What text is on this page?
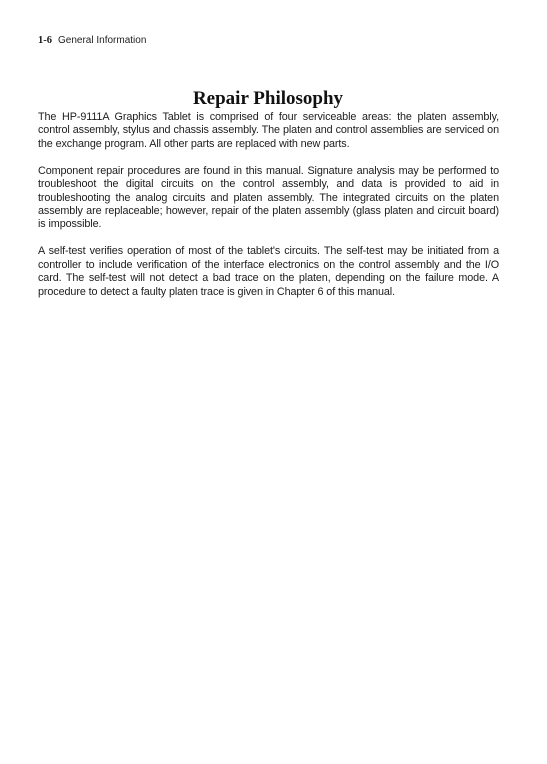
1-6 General Information
Repair Philosophy

The HP-9111A Graphics Tablet is comprised of four serviceable areas: the platen assembly, control assembly, stylus and chassis assembly. The platen and control assemblies are serviced on the exchange program. All other parts are replaced with new parts.

Component repair procedures are found in this manual. Signature analysis may be performed to troubleshoot the digital circuits on the control assembly, and data is provided to aid in troubleshooting the analog circuits and platen assembly. The integrated circuits on the platen assembly are replaceable; however, repair of the platen assembly (glass platen and circuit board) is impossible.

A self-test verifies operation of most of the tablet's circuits. The self-test may be initiated from a controller to include verification of the interface electronics on the control assembly and the I/O card. The self-test will not detect a bad trace on the platen, depending on the failure mode. A procedure to detect a faulty platen trace is given in Chapter 6 of this manual.
